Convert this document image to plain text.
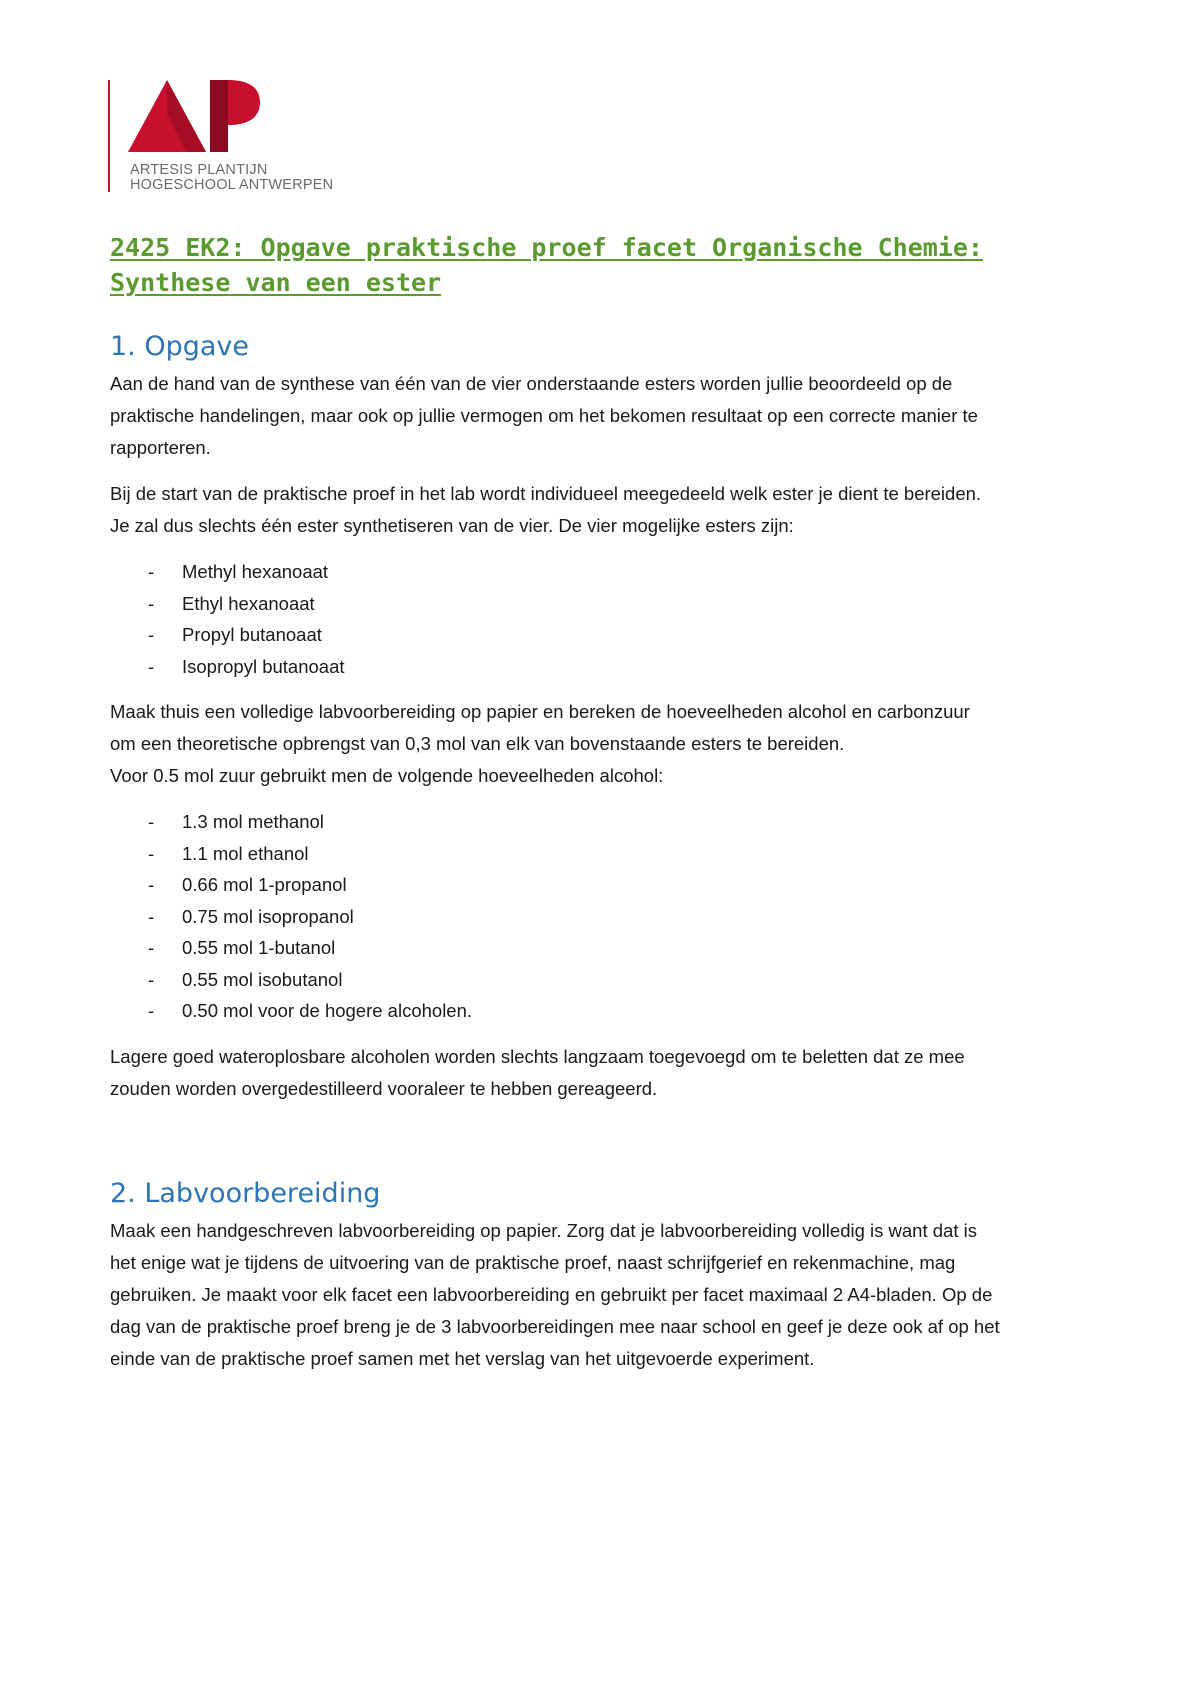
ARTESIS PLANTIJN
HOGESCHOOL ANTWERPEN
2425 EK2: Opgave praktische proef facet Organische Chemie:
Synthese van een ester
1. Opgave

Aan de hand van de synthese van één van de vier onderstaande esters worden jullie beoordeeld op de
praktische handelingen, maar ook op jullie vermogen om het bekomen resultaat op een correcte manier te
rapporteren.

Bij de start van de praktische proef in het lab wordt individueel meegedeeld welk ester je dient te bereiden.
Je zal dus slechts één ester synthetiseren van de vier. De vier mogelijke esters zijn:

- Methyl hexanoaat
- Ethyl hexanoaat
- Propyl butanoaat
- Isopropyl butanoaat

Maak thuis een volledige labvoorbereiding op papier en bereken de hoeveelheden alcohol en carbonzuur
om een theoretische opbrengst van 0,3 mol van elk van bovenstaande esters te bereiden.
Voor 0.5 mol zuur gebruikt men de volgende hoeveelheden alcohol:

- 1.3 mol methanol
- 1.1 mol ethanol
- 0.66 mol 1-propanol
- 0.75 mol isopropanol
- 0.55 mol 1-butanol
- 0.55 mol isobutanol
- 0.50 mol voor de hogere alcoholen.

Lagere goed wateroplosbare alcoholen worden slechts langzaam toegevoegd om te beletten dat ze mee
zouden worden overgedestilleerd vooraleer te hebben gereageerd.

2. Labvoorbereiding

Maak een handgeschreven labvoorbereiding op papier. Zorg dat je labvoorbereiding volledig is want dat is
het enige wat je tijdens de uitvoering van de praktische proef, naast schrijfgerief en rekenmachine, mag
gebruiken. Je maakt voor elk facet een labvoorbereiding en gebruikt per facet maximaal 2 A4-bladen. Op de
dag van de praktische proef breng je de 3 labvoorbereidingen mee naar school en geef je deze ook af op het
einde van de praktische proef samen met het verslag van het uitgevoerde experiment.
